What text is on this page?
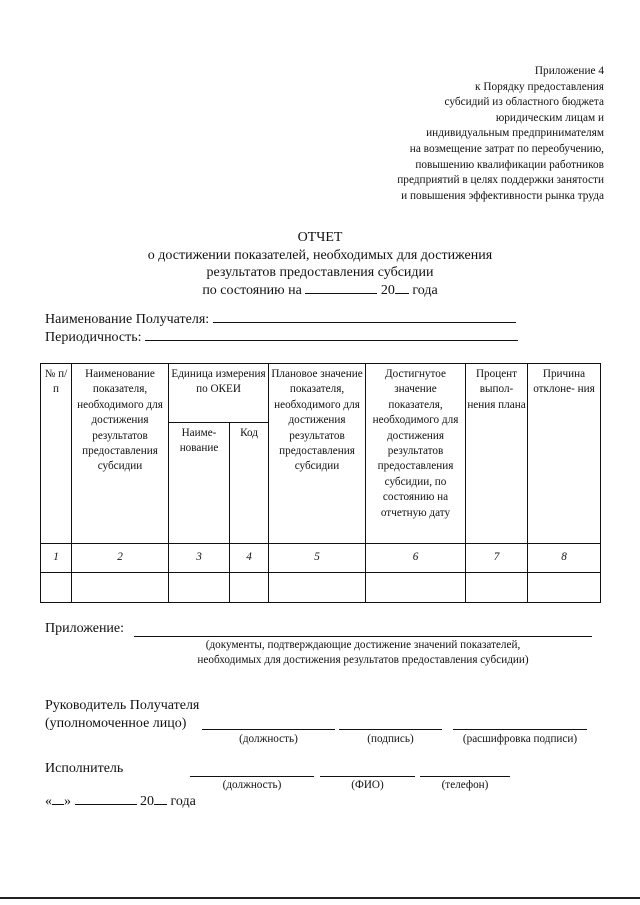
Приложение 4
к Порядку предоставления
субсидий из областного бюджета
юридическим лицам и
индивидуальным предпринимателям
на возмещение затрат по переобучению,
повышению квалификации работников
предприятий в целях поддержки занятости
и повышения эффективности рынка труда
ОТЧЕТ
о достижении показателей, необходимых для достижения
результатов предоставления субсидии
по состоянию на	20 года
Наименование Получателя:
Периодичность:
№ п/п	Наименование показателя, необходимого для достижения результатов предоставления субсидии	Единица измерения по ОКЕИ		Плановое значение показателя, необходимого для достижения результатов предоставления субсидии	Достигнутое значение показателя, необходимого для достижения результатов предоставления субсидии, по состоянию на отчетную дату	Процент выпол- нения плана	Причина отклоне- ния
		Наиме- нование	Код				
1	2	3	4	5	6	7	8

Приложение:
(документы, подтверждающие достижение значений показателей,
необходимых для достижения результатов предоставления субсидии)
Руководитель Получателя
(уполномоченное лицо)
(должность)	(подпись)	(расшифровка подписи)
Исполнитель
(должность)	(ФИО)	(телефон)
« »	20 года
